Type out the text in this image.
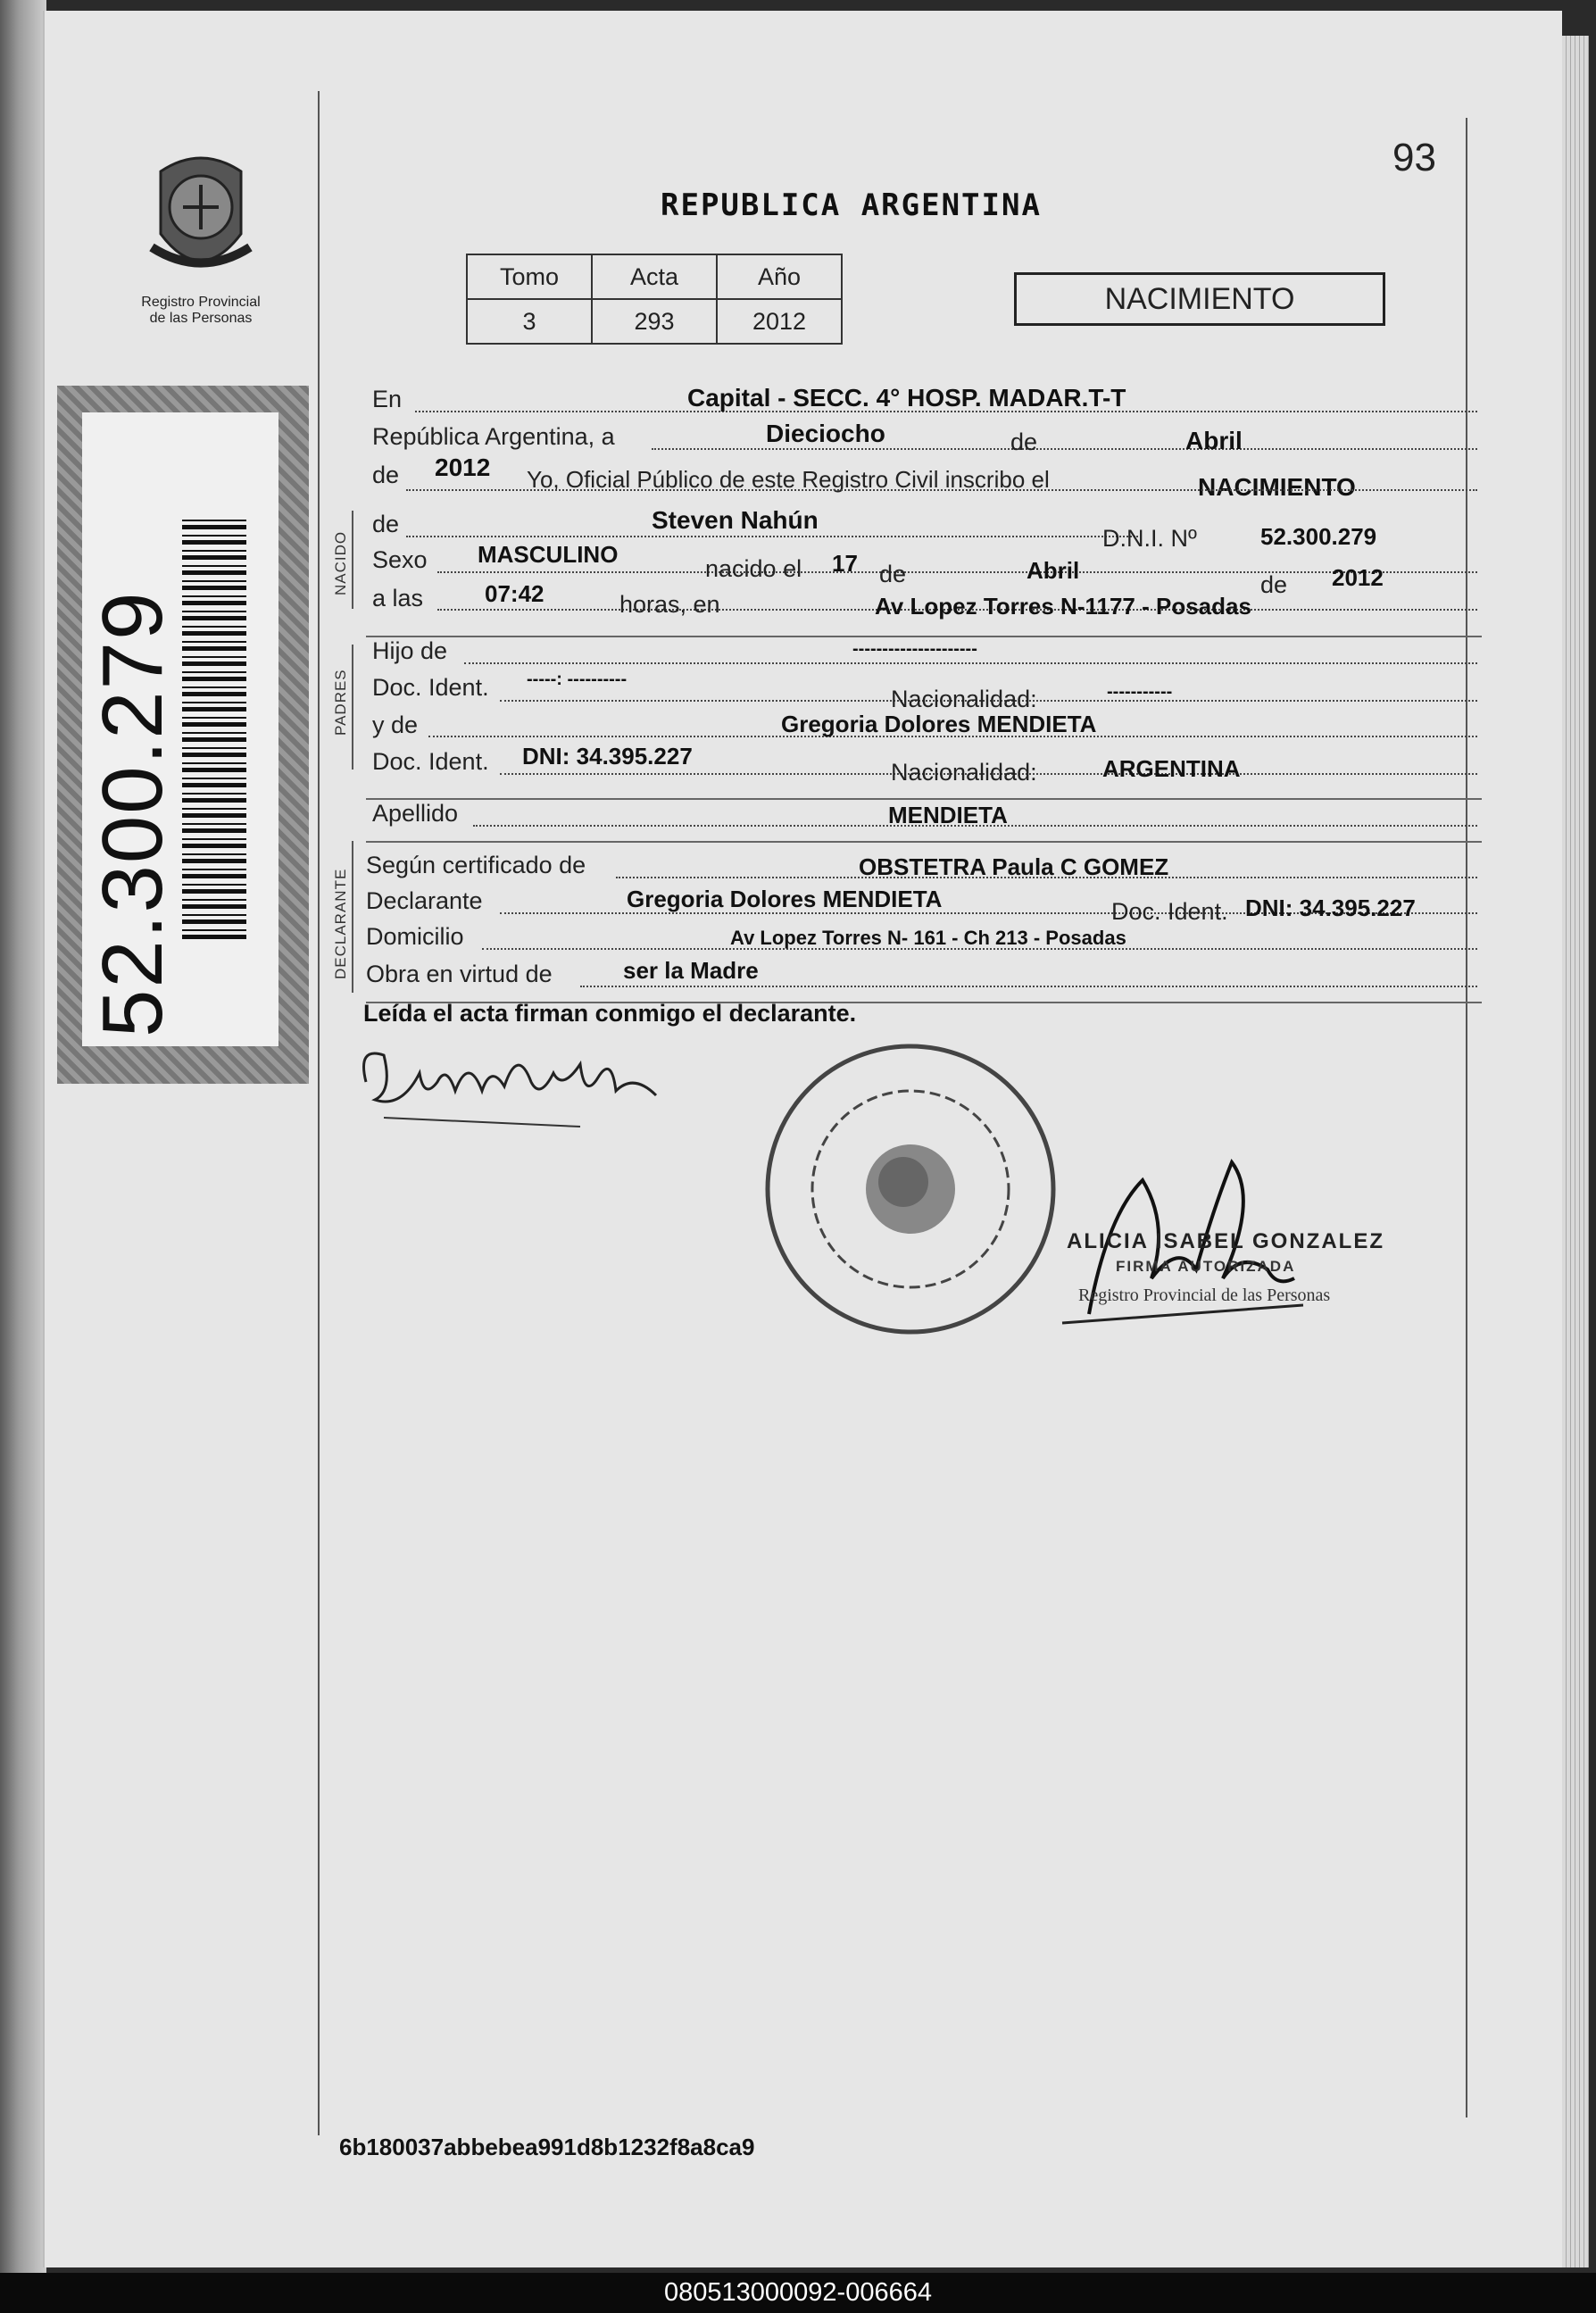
Registro Provincial
de las Personas
52.300.279
93
REPUBLICA ARGENTINA
Tomo	Acta	Año
3	293	2012
NACIMIENTO
NACIDO
PADRES
DECLARANTE
En	Capital - SECC. 4° HOSP. MADAR.T-T
República Argentina, a	Dieciocho	de	Abril
de 2012 Yo, Oficial Público de este Registro Civil inscribo el	NACIMIENTO
de	Steven Nahún
D.N.I. Nº	52.300.279
Sexo MASCULINO
nacido el 17 de	Abril
de 2012
a las	07:42	horas, en	Av Lopez Torres N-1177 - Posadas
Hijo de	---------------------
Doc. Ident. -----: ----------
Nacionalidad:	-----------
y de	Gregoria Dolores MENDIETA
Doc. Ident. DNI: 34.395.227
Nacionalidad:	ARGENTINA
Apellido	MENDIETA
Según certificado de	OBSTETRA Paula C GOMEZ
Declarante	Gregoria Dolores MENDIETA	Doc. Ident. DNI: 34.395.227
Domicilio	Av Lopez Torres N- 161 - Ch 213 - Posadas
Obra en virtud de	ser la Madre
Leída el acta firman conmigo el declarante.
ALICIA ISABEL GONZALEZ
FIRMA AUTORIZADA
Registro Provincial de las Personas
6b180037abbebea991d8b1232f8a8ca9
080513000092-006664
